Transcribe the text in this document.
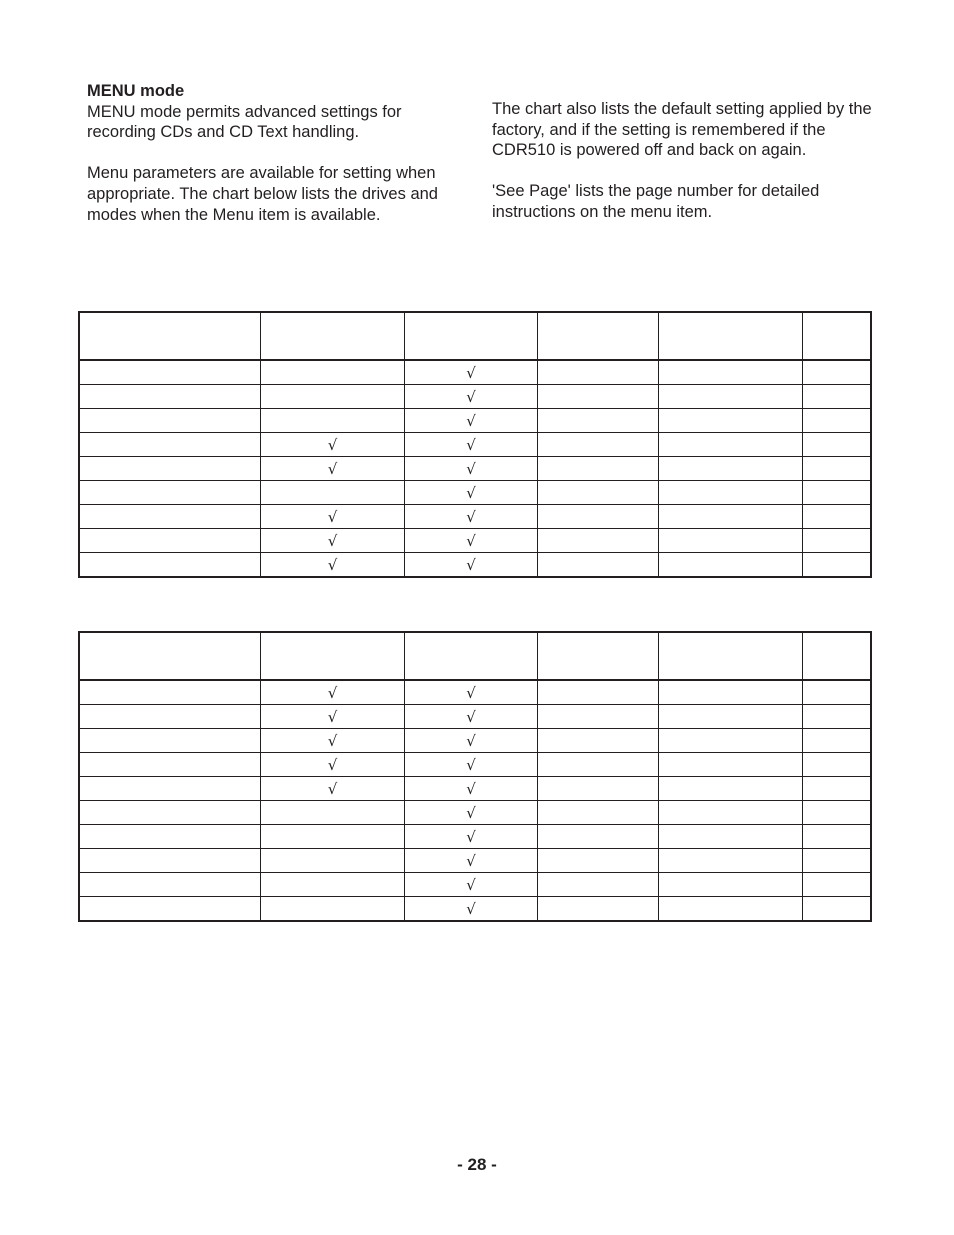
MENU mode

MENU mode permits advanced settings for recording CDs and CD Text handling.

Menu parameters are available for setting when appropriate. The chart below lists the drives and modes when the Menu item is available.

The chart also lists the default setting applied by the factory, and if the setting is remembered if the CDR510 is powered off and back on again.

'See Page' lists the page number for detailed instructions on the menu item.

		√			
		√			
		√			
	√	√			
	√	√			
		√			
	√	√			
	√	√			
	√	√			

	√	√			
	√	√			
	√	√			
	√	√			
	√	√			
		√			
		√			
		√			
		√			
		√			
- 28 -
